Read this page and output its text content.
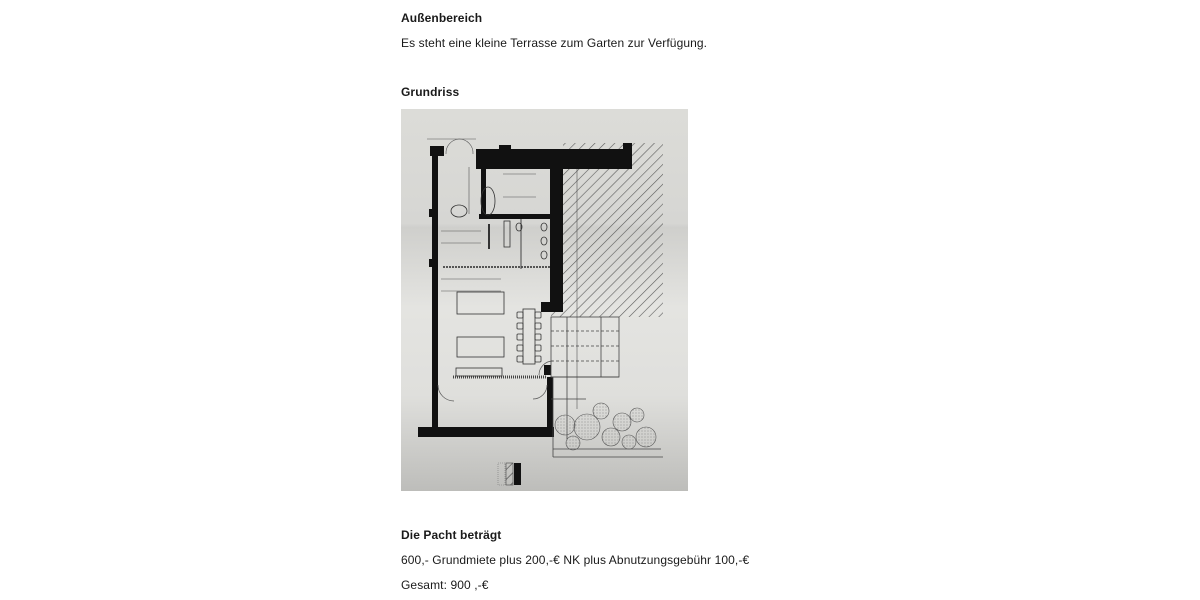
Außenbereich
Es steht eine kleine Terrasse zum Garten zur Verfügung.
Grundriss
Die Pacht beträgt
600,- Grundmiete plus 200,-€ NK plus Abnutzungsgebühr 100,-€
Gesamt: 900 ,-€
